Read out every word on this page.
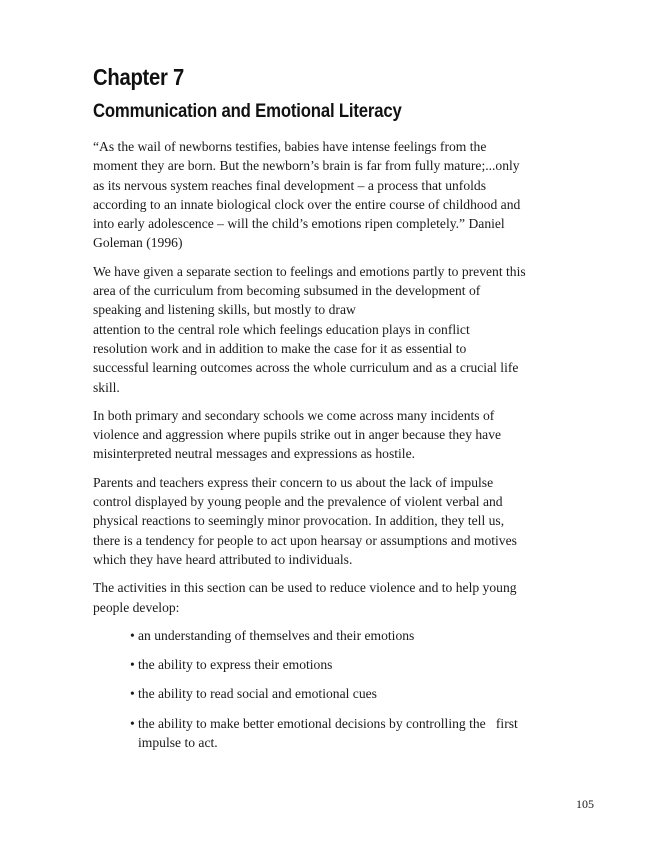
Chapter 7
Communication and Emotional Literacy

“As the wail of newborns testifies, babies have intense feelings from the
moment they are born. But the newborn’s brain is far from fully mature;...only
as its nervous system reaches final development – a process that unfolds
according to an innate biological clock over the entire course of childhood and
into early adolescence – will the child’s emotions ripen completely.” Daniel
Goleman (1996)

We have given a separate section to feelings and emotions partly to prevent this
area of the curriculum from becoming subsumed in the development of
speaking and listening skills, but mostly to draw
attention to the central role which feelings education plays in conflict
resolution work and in addition to make the case for it as essential to
successful learning outcomes across the whole curriculum and as a crucial life
skill.

In both primary and secondary schools we come across many incidents of
violence and aggression where pupils strike out in anger because they have
misinterpreted neutral messages and expressions as hostile.

Parents and teachers express their concern to us about the lack of impulse
control displayed by young people and the prevalence of violent verbal and
physical reactions to seemingly minor provocation. In addition, they tell us,
there is a tendency for people to act upon hearsay or assumptions and motives
which they have heard attributed to individuals.

The activities in this section can be used to reduce violence and to help young
people develop:

• an understanding of themselves and their emotions
• the ability to express their emotions
• the ability to read social and emotional cues
• the ability to make better emotional decisions by controlling the   first
impulse to act.
105
